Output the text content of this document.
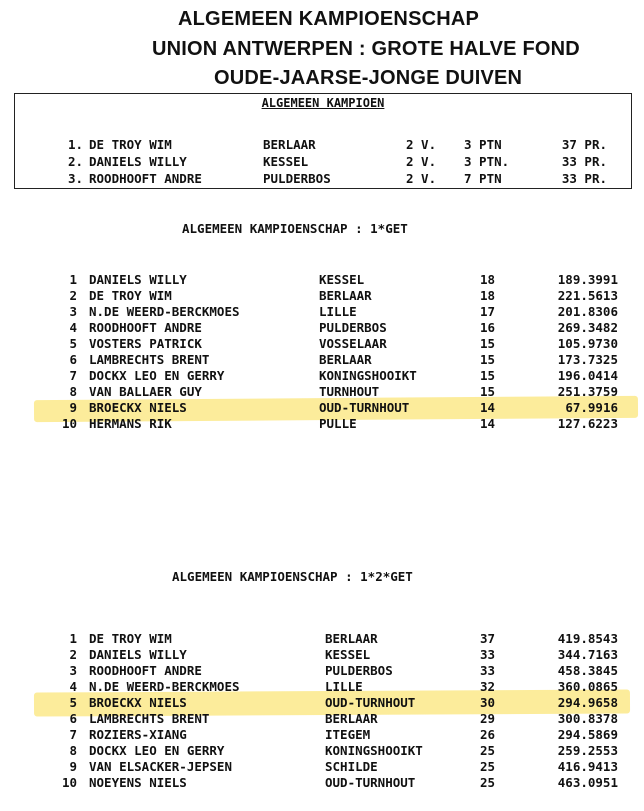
ALGEMEEN KAMPIOENSCHAP
UNION ANTWERPEN : GROTE HALVE FOND
OUDE-JAARSE-JONGE DUIVEN
ALGEMEEN KAMPIOEN
1. DE TROY WIM	BERLAAR	2 V. 3 PTN	37 PR.
2. DANIELS WILLY	KESSEL	2 V. 3 PTN.	33 PR.
3. ROODHOOFT ANDRE	PULDERBOS	2 V. 7 PTN	33 PR.
ALGEMEEN KAMPIOENSCHAP : 1*GET
1 DANIELS WILLY	KESSEL	18	189.3991
2 DE TROY WIM	BERLAAR	18	221.5613
3 N.DE WEERD-BERCKMOES	LILLE	17	201.8306
4 ROODHOOFT ANDRE	PULDERBOS	16	269.3482
5 VOSTERS PATRICK	VOSSELAAR	15	105.9730
6 LAMBRECHTS BRENT	BERLAAR	15	173.7325
7 DOCKX LEO EN GERRY	KONINGSHOOIKT	15	196.0414
8 VAN BALLAER GUY	TURNHOUT	15	251.3759
9 BROECKX NIELS	OUD-TURNHOUT	14	67.9916
10 HERMANS RIK	PULLE	14	127.6223
ALGEMEEN KAMPIOENSCHAP : 1*2*GET
1 DE TROY WIM	BERLAAR	37	419.8543
2 DANIELS WILLY	KESSEL	33	344.7163
3 ROODHOOFT ANDRE	PULDERBOS	33	458.3845
4 N.DE WEERD-BERCKMOES	LILLE	32	360.0865
5 BROECKX NIELS	OUD-TURNHOUT	30	294.9658
6 LAMBRECHTS BRENT	BERLAAR	29	300.8378
7 ROZIERS-XIANG	ITEGEM	26	294.5869
8 DOCKX LEO EN GERRY	KONINGSHOOIKT	25	259.2553
9 VAN ELSACKER-JEPSEN	SCHILDE	25	416.9413
10 NOEYENS NIELS	OUD-TURNHOUT	25	463.0951
